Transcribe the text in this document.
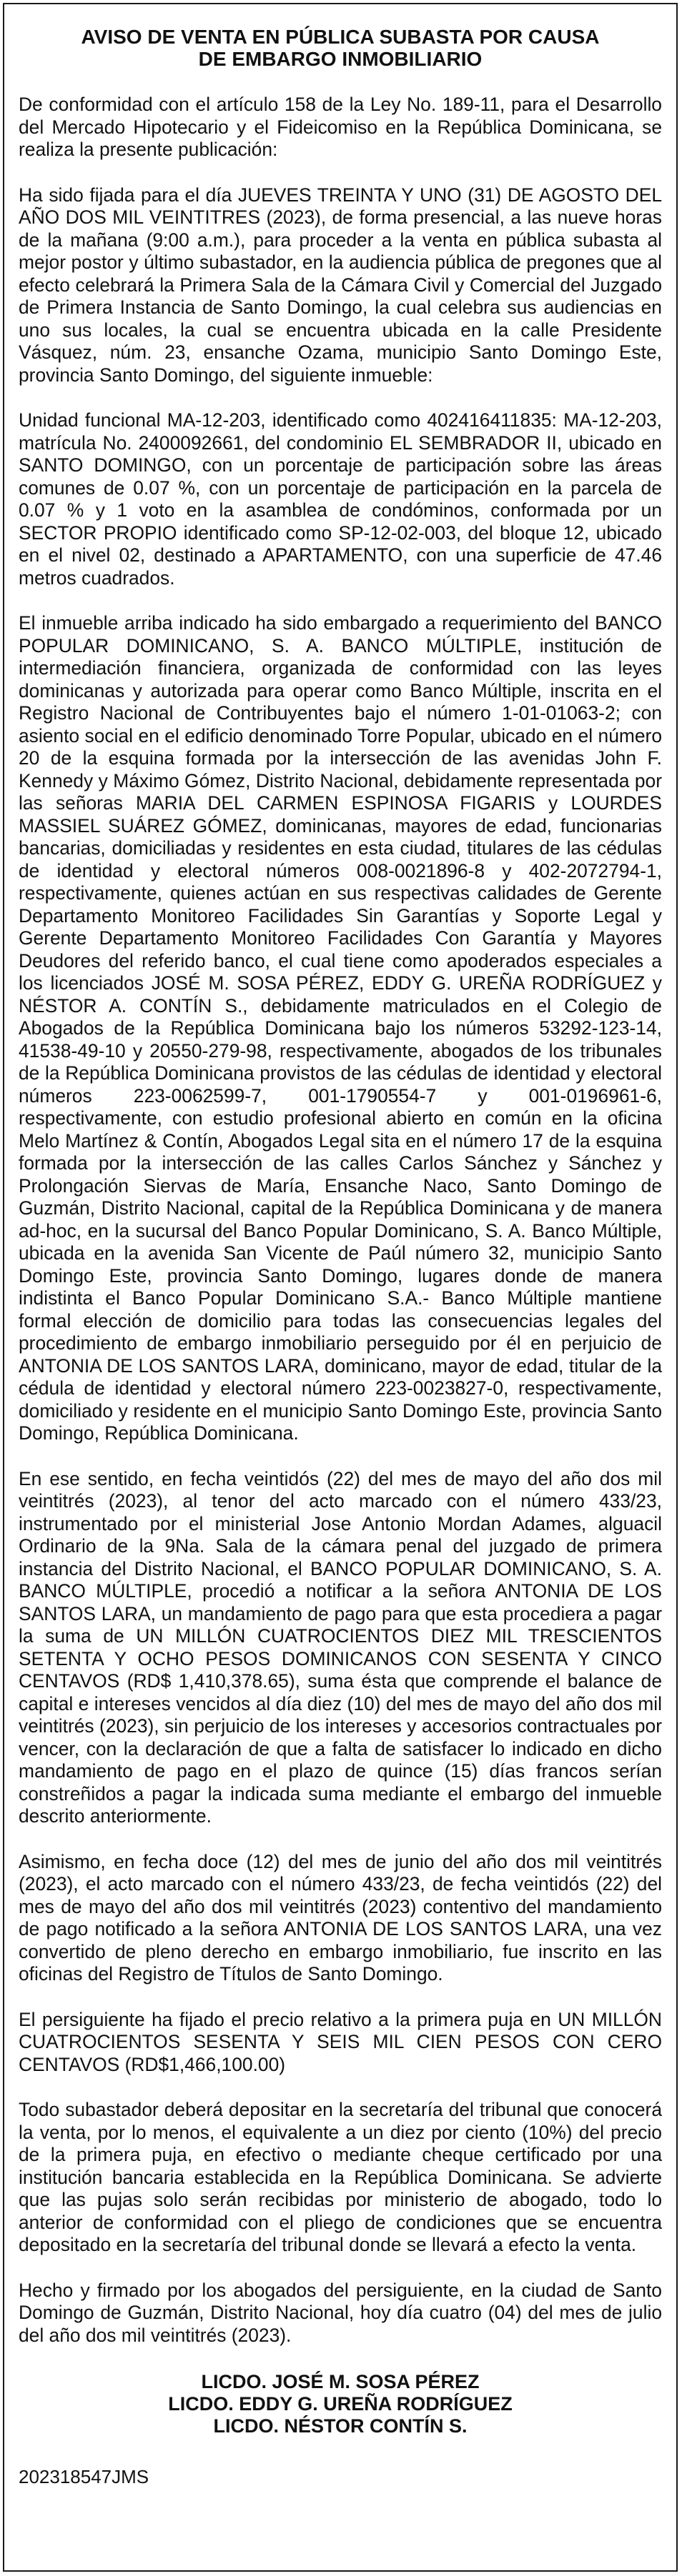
AVISO DE VENTA EN PÚBLICA SUBASTA POR CAUSA
DE EMBARGO INMOBILIARIO

De conformidad con el artículo 158 de la Ley No. 189-11, para el Desarrollo del Mercado Hipotecario y el Fideicomiso en la República Dominicana, se realiza la presente publicación:

Ha sido fijada para el día JUEVES TREINTA Y UNO (31) DE AGOSTO DEL AÑO DOS MIL VEINTITRES (2023), de forma presencial, a las nueve horas de la mañana (9:00 a.m.), para proceder a la venta en pública subasta al mejor postor y último subastador, en la audiencia pública de pregones que al efecto celebrará la Primera Sala de la Cámara Civil y Comercial del Juzgado de Primera Instancia de Santo Domingo, la cual celebra sus audiencias en uno sus locales, la cual se encuentra ubicada en la calle Presidente Vásquez, núm. 23, ensanche Ozama, municipio Santo Domingo Este, provincia Santo Domingo, del siguiente inmueble:

Unidad funcional MA-12-203, identificado como 402416411835: MA-12-203, matrícula No. 2400092661, del condominio EL SEMBRADOR II, ubicado en SANTO DOMINGO, con un porcentaje de participación sobre las áreas comunes de 0.07 %, con un porcentaje de participación en la parcela de 0.07 % y 1 voto en la asamblea de condóminos, conformada por un SECTOR PROPIO identificado como SP-12-02-003, del bloque 12, ubicado en el nivel 02, destinado a APARTAMENTO, con una superficie de 47.46 metros cuadrados.

El inmueble arriba indicado ha sido embargado a requerimiento del BANCO POPULAR DOMINICANO, S. A. BANCO MÚLTIPLE, institución de intermediación financiera, organizada de conformidad con las leyes dominicanas y autorizada para operar como Banco Múltiple, inscrita en el Registro Nacional de Contribuyentes bajo el número 1-01-01063-2; con asiento social en el edificio denominado Torre Popular, ubicado en el número 20 de la esquina formada por la intersección de las avenidas John F. Kennedy y Máximo Gómez, Distrito Nacional, debidamente representada por las señoras MARIA DEL CARMEN ESPINOSA FIGARIS y LOURDES MASSIEL SUÁREZ GÓMEZ, dominicanas, mayores de edad, funcionarias bancarias, domiciliadas y residentes en esta ciudad, titulares de las cédulas de identidad y electoral números 008-0021896-8 y 402-2072794-1, respectivamente, quienes actúan en sus respectivas calidades de Gerente Departamento Monitoreo Facilidades Sin Garantías y Soporte Legal y Gerente Departamento Monitoreo Facilidades Con Garantía y Mayores Deudores del referido banco, el cual tiene como apoderados especiales a los licenciados JOSÉ M. SOSA PÉREZ, EDDY G. UREÑA RODRÍGUEZ y NÉSTOR A. CONTÍN S., debidamente matriculados en el Colegio de Abogados de la República Dominicana bajo los números 53292-123-14, 41538-49-10 y 20550-279-98, respectivamente, abogados de los tribunales de la República Dominicana provistos de las cédulas de identidad y electoral números 223-0062599-7, 001-1790554-7 y 001-0196961-6, respectivamente, con estudio profesional abierto en común en la oficina Melo Martínez & Contín, Abogados Legal sita en el número 17 de la esquina formada por la intersección de las calles Carlos Sánchez y Sánchez y Prolongación Siervas de María, Ensanche Naco, Santo Domingo de Guzmán, Distrito Nacional, capital de la República Dominicana y de manera ad-hoc, en la sucursal del Banco Popular Dominicano, S. A. Banco Múltiple, ubicada en la avenida San Vicente de Paúl número 32, municipio Santo Domingo Este, provincia Santo Domingo, lugares donde de manera indistinta el Banco Popular Dominicano S.A.- Banco Múltiple mantiene formal elección de domicilio para todas las consecuencias legales del procedimiento de embargo inmobiliario perseguido por él en perjuicio de ANTONIA DE LOS SANTOS LARA, dominicano, mayor de edad, titular de la cédula de identidad y electoral número 223-0023827-0, respectivamente, domiciliado y residente en el municipio Santo Domingo Este, provincia Santo Domingo, República Dominicana.

En ese sentido, en fecha veintidós (22) del mes de mayo del año dos mil veintitrés (2023), al tenor del acto marcado con el número 433/23, instrumentado por el ministerial Jose Antonio Mordan Adames, alguacil Ordinario de la 9Na. Sala de la cámara penal del juzgado de primera instancia del Distrito Nacional, el BANCO POPULAR DOMINICANO, S. A. BANCO MÚLTIPLE, procedió a notificar a la señora ANTONIA DE LOS SANTOS LARA, un mandamiento de pago para que esta procediera a pagar la suma de UN MILLÓN CUATROCIENTOS DIEZ MIL TRESCIENTOS SETENTA Y OCHO PESOS DOMINICANOS CON SESENTA Y CINCO CENTAVOS (RD$ 1,410,378.65), suma ésta que comprende el balance de capital e intereses vencidos al día diez (10) del mes de mayo del año dos mil veintitrés (2023), sin perjuicio de los intereses y accesorios contractuales por vencer, con la declaración de que a falta de satisfacer lo indicado en dicho mandamiento de pago en el plazo de quince (15) días francos serían constreñidos a pagar la indicada suma mediante el embargo del inmueble descrito anteriormente.

Asimismo, en fecha doce (12) del mes de junio del año dos mil veintitrés (2023), el acto marcado con el número 433/23, de fecha veintidós (22) del mes de mayo del año dos mil veintitrés (2023) contentivo del mandamiento de pago notificado a la señora ANTONIA DE LOS SANTOS LARA, una vez convertido de pleno derecho en embargo inmobiliario, fue inscrito en las oficinas del Registro de Títulos de Santo Domingo.

El persiguiente ha fijado el precio relativo a la primera puja en UN MILLÓN CUATROCIENTOS SESENTA Y SEIS MIL CIEN PESOS CON CERO CENTAVOS (RD$1,466,100.00)

Todo subastador deberá depositar en la secretaría del tribunal que conocerá la venta, por lo menos, el equivalente a un diez por ciento (10%) del precio de la primera puja, en efectivo o mediante cheque certificado por una institución bancaria establecida en la República Dominicana. Se advierte que las pujas solo serán recibidas por ministerio de abogado, todo lo anterior de conformidad con el pliego de condiciones que se encuentra depositado en la secretaría del tribunal donde se llevará a efecto la venta.

Hecho y firmado por los abogados del persiguiente, en la ciudad de Santo Domingo de Guzmán, Distrito Nacional, hoy día cuatro (04) del mes de julio del año dos mil veintitrés (2023).

LICDO. JOSÉ M. SOSA PÉREZ
LICDO. EDDY G. UREÑA RODRÍGUEZ
LICDO. NÉSTOR CONTÍN S.
202318547JMS
